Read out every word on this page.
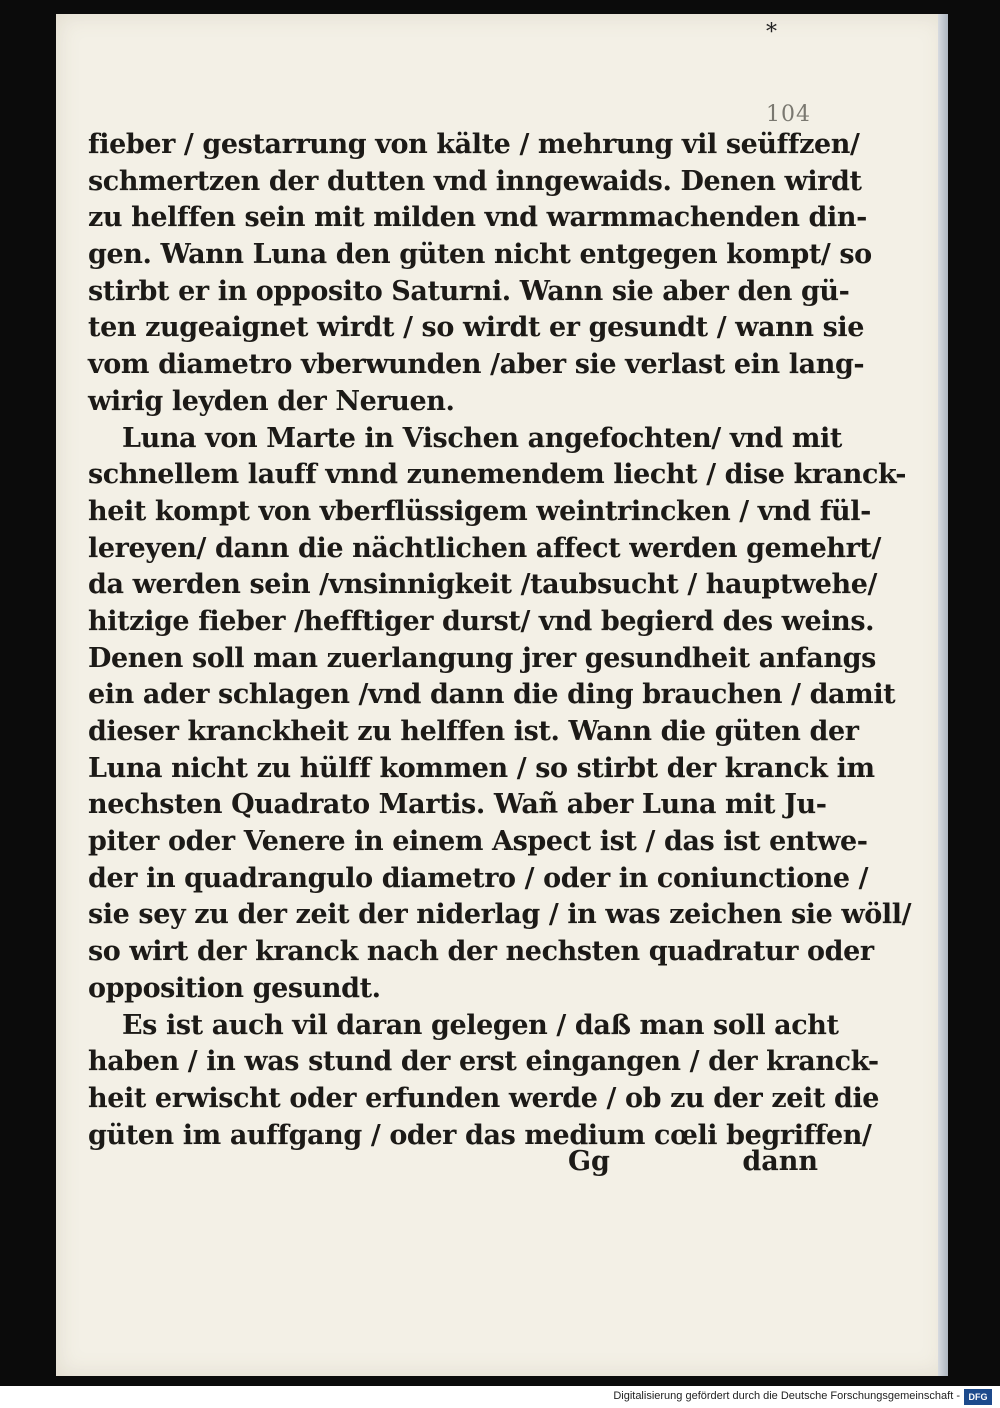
*
104
fieber / gestarrung von kälte / mehrung vil seüffzen/
schmertzen der dutten vnd inngewaids. Denen wirdt
zu helffen sein mit milden vnd warmmachenden din-
gen. Wann Luna den güten nicht entgegen kompt/ so
stirbt er in opposito Saturni. Wann sie aber den gü-
ten zugeaignet wirdt / so wirdt er gesundt / wann sie
vom diametro vberwunden /aber sie verlast ein lang-
wirig leyden der Neruen.
Luna von Marte in Vischen angefochten/ vnd mit
schnellem lauff vnnd zunemendem liecht / dise kranck-
heit kompt von vberflüssigem weintrincken / vnd fül-
lereyen/ dann die nächtlichen affect werden gemehrt/
da werden sein /vnsinnigkeit /taubsucht / hauptwehe/
hitzige fieber /hefftiger durst/ vnd begierd des weins.
Denen soll man zuerlangung jrer gesundheit anfangs
ein ader schlagen /vnd dann die ding brauchen / damit
dieser kranckheit zu helffen ist. Wann die güten der
Luna nicht zu hülff kommen / so stirbt der kranck im
nechsten Quadrato Martis. Wañ aber Luna mit Ju-
piter oder Venere in einem Aspect ist / das ist entwe-
der in quadrangulo diametro / oder in coniunctione /
sie sey zu der zeit der niderlag / in was zeichen sie wöll/
so wirt der kranck nach der nechsten quadratur oder
opposition gesundt.
Es ist auch vil daran gelegen / daß man soll acht
haben / in was stund der erst eingangen / der kranck-
heit erwischt oder erfunden werde / ob zu der zeit die
güten im auffgang / oder das medium cœli begriffen/
Gg	dann
Digitalisierung gefördert durch die Deutsche Forschungsgemeinschaft - DFG
